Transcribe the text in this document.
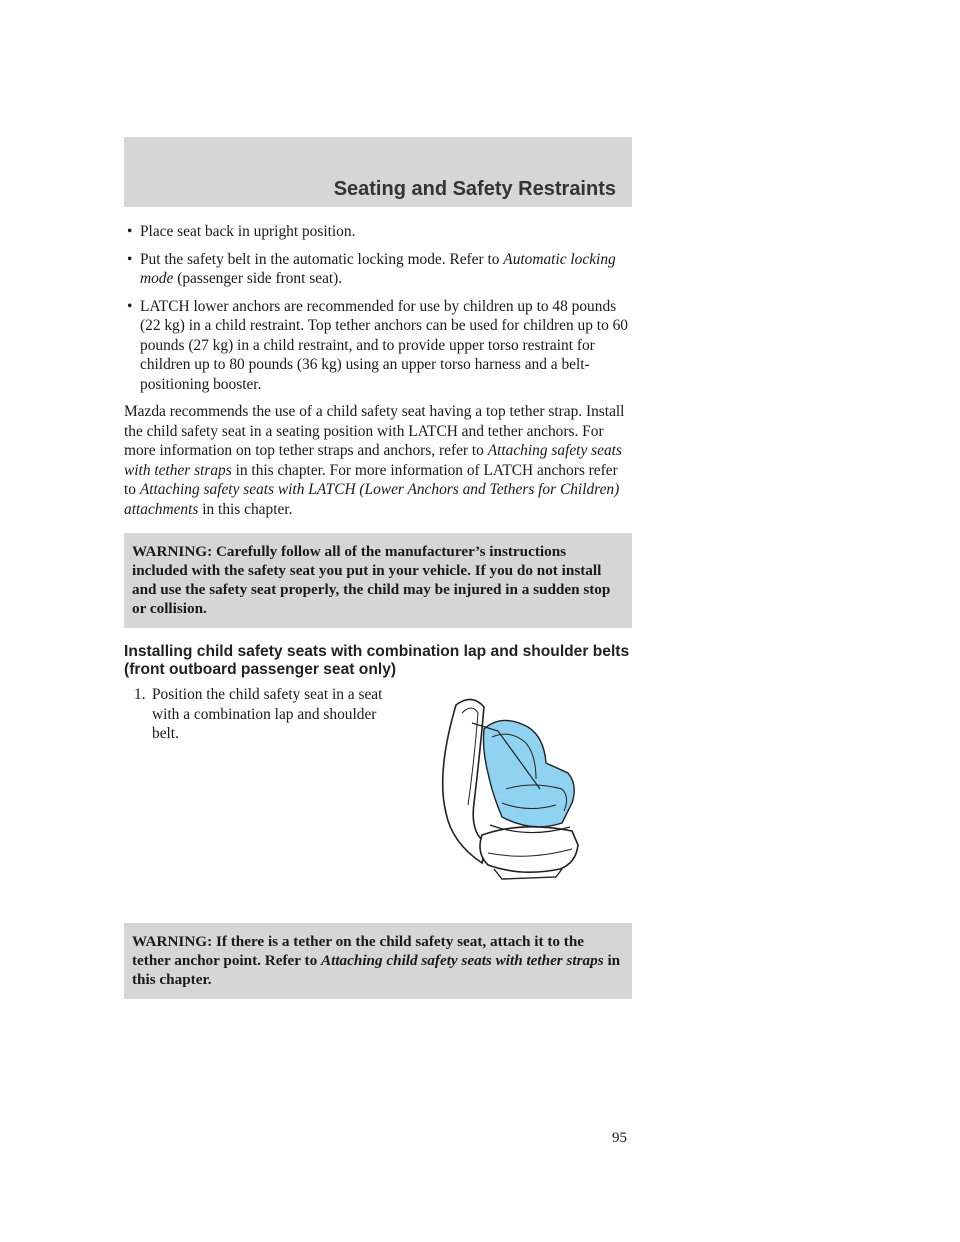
Seating and Safety Restraints
• Place seat back in upright position.
• Put the safety belt in the automatic locking mode. Refer to Automatic locking mode (passenger side front seat).
• LATCH lower anchors are recommended for use by children up to 48 pounds (22 kg) in a child restraint. Top tether anchors can be used for children up to 60 pounds (27 kg) in a child restraint, and to provide upper torso restraint for children up to 80 pounds (36 kg) using an upper torso harness and a belt-positioning booster.

Mazda recommends the use of a child safety seat having a top tether strap. Install the child safety seat in a seating position with LATCH and tether anchors. For more information on top tether straps and anchors, refer to Attaching safety seats with tether straps in this chapter. For more information of LATCH anchors refer to Attaching safety seats with LATCH (Lower Anchors and Tethers for Children) attachments in this chapter.

WARNING: Carefully follow all of the manufacturer’s instructions included with the safety seat you put in your vehicle. If you do not install and use the safety seat properly, the child may be injured in a sudden stop or collision.
Installing child safety seats with combination lap and shoulder belts (front outboard passenger seat only)
1. Position the child safety seat in a seat with a combination lap and shoulder belt.
WARNING: If there is a tether on the child safety seat, attach it to the tether anchor point. Refer to Attaching child safety seats with tether straps in this chapter.
95
